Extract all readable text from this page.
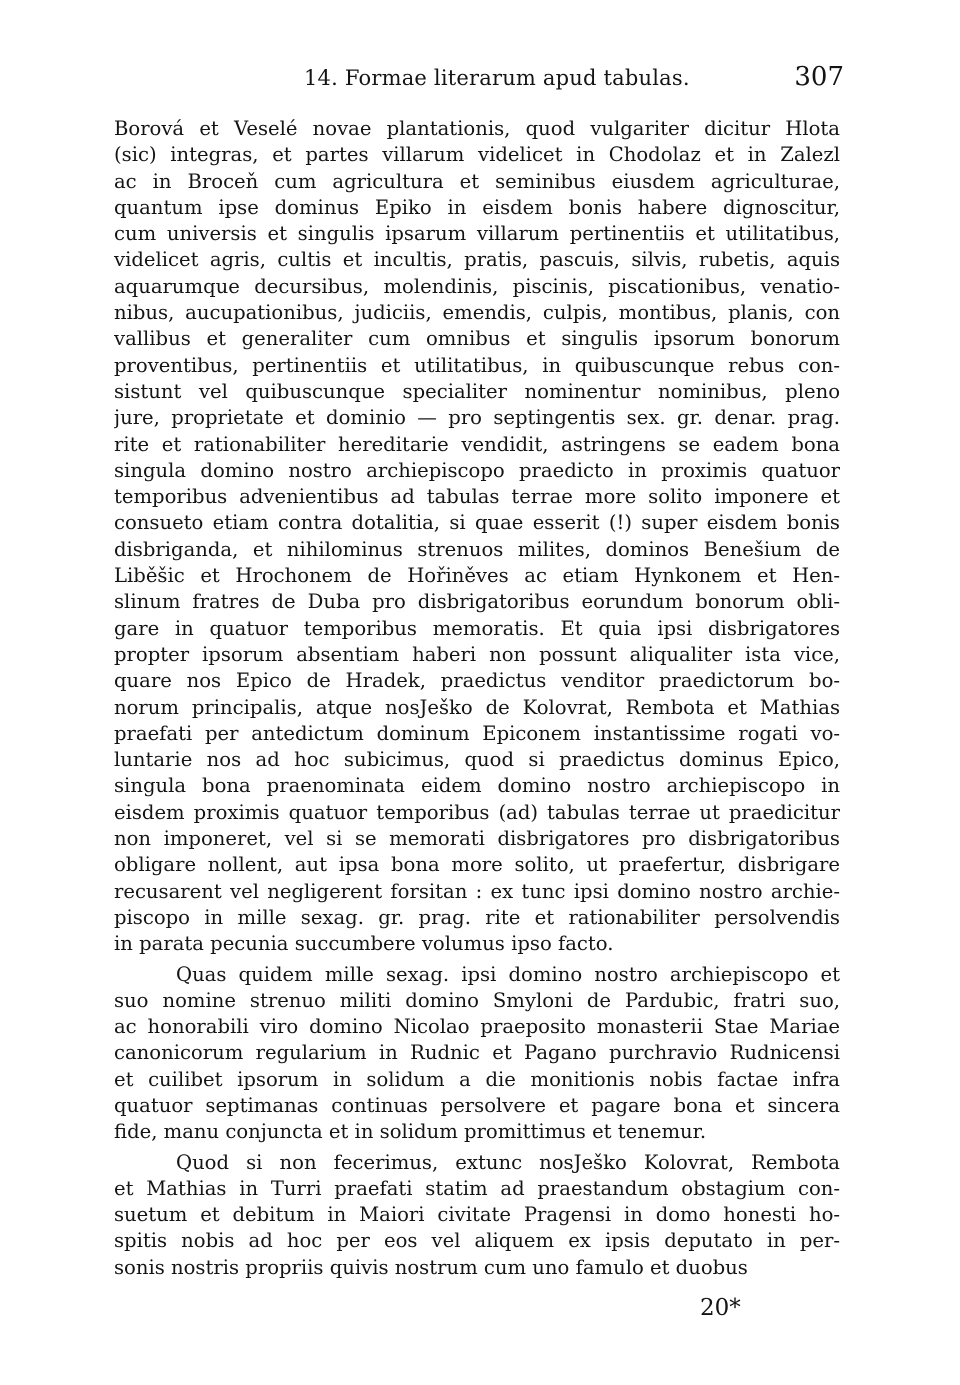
14. Formae literarum apud tabulas.	307
Borová et Veselé novae plantationis, quod vulgariter dicitur Hlota
(sic) integras, et partes villarum videlicet in Chodolaz et in Zalezl
ac in Broceň cum agricultura et seminibus eiusdem agriculturae,
quantum ipse dominus Epiko in eisdem bonis habere dignoscitur,
cum universis et singulis ipsarum villarum pertinentiis et utilitatibus,
videlicet agris, cultis et incultis, pratis, pascuis, silvis, rubetis, aquis
aquarumque decursibus, molendinis, piscinis, piscationibus, venatio-
nibus, aucupationibus, judiciis, emendis, culpis, montibus, planis, con
vallibus et generaliter cum omnibus et singulis ipsorum bonorum
proventibus, pertinentiis et utilitatibus, in quibuscunque rebus con-
sistunt vel quibuscunque specialiter nominentur nominibus, pleno
jure, proprietate et dominio — pro septingentis sex. gr. denar. prag.
rite et rationabiliter hereditarie vendidit, astringens se eadem bona
singula domino nostro archiepiscopo praedicto in proximis quatuor
temporibus advenientibus ad tabulas terrae more solito imponere et
consueto etiam contra dotalitia, si quae esserit (!) super eisdem bonis
disbriganda, et nihilominus strenuos milites, dominos Benešium de
Liběšic et Hrochonem de Hořiněves ac etiam Hynkonem et Hen-
slinum fratres de Duba pro disbrigatoribus eorundum bonorum obli-
gare in quatuor temporibus memoratis. Et quia ipsi disbrigatores
propter ipsorum absentiam haberi non possunt aliqualiter ista vice,
quare nos Epico de Hradek, praedictus venditor praedictorum bo-
norum principalis, atque nosJeško de Kolovrat, Rembota et Mathias
praefati per antedictum dominum Epiconem instantissime rogati vo-
luntarie nos ad hoc subicimus, quod si praedictus dominus Epico,
singula bona praenominata eidem domino nostro archiepiscopo in
eisdem proximis quatuor temporibus (ad) tabulas terrae ut praedicitur
non imponeret, vel si se memorati disbrigatores pro disbrigatoribus
obligare nollent, aut ipsa bona more solito, ut praefertur, disbrigare
recusarent vel negligerent forsitan : ex tunc ipsi domino nostro archie-
piscopo in mille sexag. gr. prag. rite et rationabiliter persolvendis
in parata pecunia succumbere volumus ipso facto.
Quas quidem mille sexag. ipsi domino nostro archiepiscopo et
suo nomine strenuo militi domino Smyloni de Pardubic, fratri suo,
ac honorabili viro domino Nicolao praeposito monasterii Stae Mariae
canonicorum regularium in Rudnic et Pagano purchravio Rudnicensi
et cuilibet ipsorum in solidum a die monitionis nobis factae infra
quatuor septimanas continuas persolvere et pagare bona et sincera
fide, manu conjuncta et in solidum promittimus et tenemur.
Quod si non fecerimus, extunc nosJeško Kolovrat, Rembota
et Mathias in Turri praefati statim ad praestandum obstagium con-
suetum et debitum in Maiori civitate Pragensi in domo honesti ho-
spitis nobis ad hoc per eos vel aliquem ex ipsis deputato in per-
sonis nostris propriis quivis nostrum cum uno famulo et duobus
20*
